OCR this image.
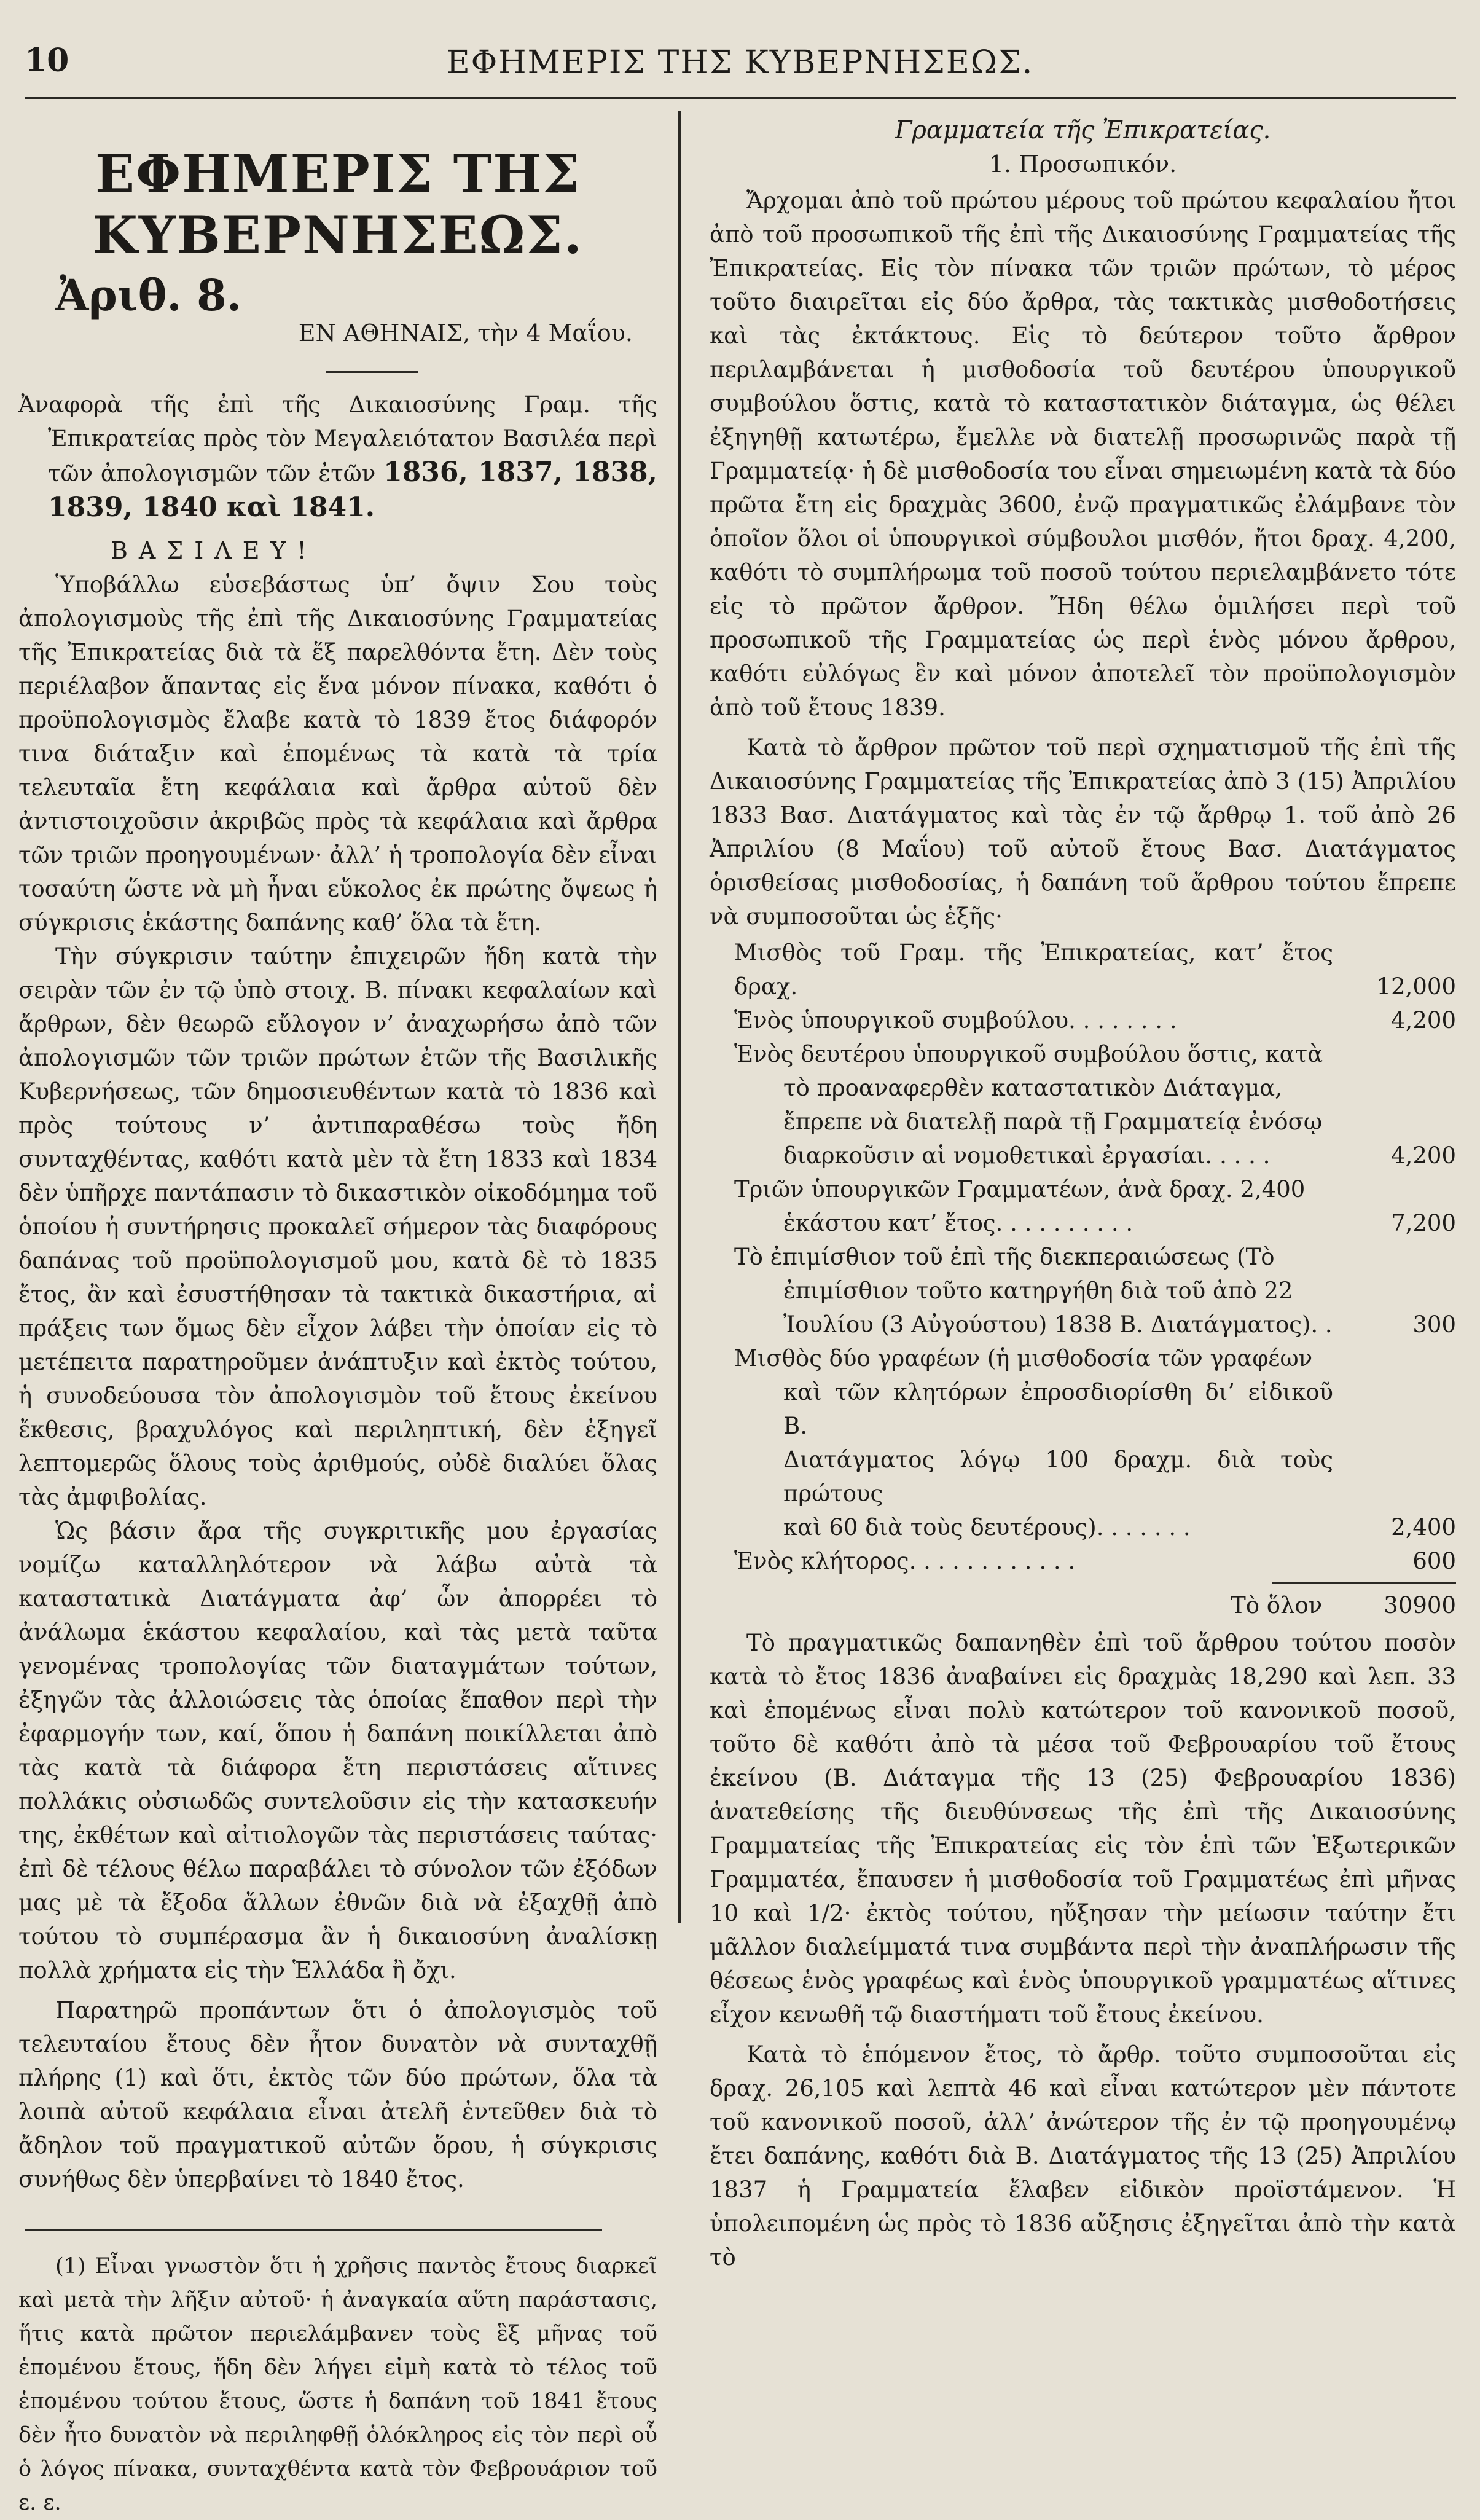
10	ΕΦΗΜΕΡΙΣ ΤΗΣ ΚΥΒΕΡΝΗΣΕΩΣ.
ΕΦΗΜΕΡΙΣ ΤΗΣ ΚΥΒΕΡΝΗΣΕΩΣ.
Ἀριθ. 8.
ΕΝ ΑΘΗΝΑΙΣ, τὴν 4 Μαΐου.
Ἀναφορὰ τῆς ἐπὶ τῆς Δικαιοσύνης Γραμ. τῆς Ἐπικρατείας πρὸς τὸν Μεγαλειότατον Βασιλέα περὶ τῶν ἀπολογισμῶν τῶν ἐτῶν 1836, 1837, 1838, 1839, 1840 καὶ 1841.
ΒΑΣΙΛΕΥ!

Ὑποβάλλω εὐσεβάστως ὑπ’ ὄψιν Σου τοὺς ἀπολογισμοὺς τῆς ἐπὶ τῆς Δικαιοσύνης Γραμματείας τῆς Ἐπικρατείας διὰ τὰ ἕξ παρελθόντα ἔτη. Δὲν τοὺς περιέλαβον ἅπαντας εἰς ἕνα μόνον πίνακα, καθότι ὁ προϋπολογισμὸς ἔλαβε κατὰ τὸ 1839 ἔτος διάφορόν τινα διάταξιν καὶ ἑπομένως τὰ κατὰ τὰ τρία τελευταῖα ἔτη κεφάλαια καὶ ἄρθρα αὐτοῦ δὲν ἀντιστοιχοῦσιν ἀκριβῶς πρὸς τὰ κεφάλαια καὶ ἄρθρα τῶν τριῶν προηγουμένων· ἀλλ’ ἡ τροπολογία δὲν εἶναι τοσαύτη ὥστε νὰ μὴ ἦναι εὔκολος ἐκ πρώτης ὄψεως ἡ σύγκρισις ἑκάστης δαπάνης καθ’ ὅλα τὰ ἔτη.

Τὴν σύγκρισιν ταύτην ἐπιχειρῶν ἤδη κατὰ τὴν σειρὰν τῶν ἐν τῷ ὑπὸ στοιχ. Β. πίνακι κεφαλαίων καὶ ἄρθρων, δὲν θεωρῶ εὔλογον ν’ ἀναχωρήσω ἀπὸ τῶν ἀπολογισμῶν τῶν τριῶν πρώτων ἐτῶν τῆς Βασιλικῆς Κυβερνήσεως, τῶν δημοσιευθέντων κατὰ τὸ 1836 καὶ πρὸς τούτους ν’ ἀντιπαραθέσω τοὺς ἤδη συνταχθέντας, καθότι κατὰ μὲν τὰ ἔτη 1833 καὶ 1834 δὲν ὑπῆρχε παντάπασιν τὸ δικαστικὸν οἰκοδόμημα τοῦ ὁποίου ἡ συντήρησις προκαλεῖ σήμερον τὰς διαφόρους δαπάνας τοῦ προϋπολογισμοῦ μου, κατὰ δὲ τὸ 1835 ἔτος, ἂν καὶ ἐσυστήθησαν τὰ τακτικὰ δικαστήρια, αἱ πράξεις των ὅμως δὲν εἶχον λάβει τὴν ὁποίαν εἰς τὸ μετέπειτα παρατηροῦμεν ἀνάπτυξιν καὶ ἐκτὸς τούτου, ἡ συνοδεύουσα τὸν ἀπολογισμὸν τοῦ ἔτους ἐκείνου ἔκθεσις, βραχυλόγος καὶ περιληπτική, δὲν ἐξηγεῖ λεπτομερῶς ὅλους τοὺς ἀριθμούς, οὐδὲ διαλύει ὅλας τὰς ἀμφιβολίας.

Ὡς βάσιν ἄρα τῆς συγκριτικῆς μου ἐργασίας νομίζω καταλληλότερον νὰ λάβω αὐτὰ τὰ καταστατικὰ Διατάγματα ἀφ’ ὧν ἀπορρέει τὸ ἀνάλωμα ἑκάστου κεφαλαίου, καὶ τὰς μετὰ ταῦτα γενομένας τροπολογίας τῶν διαταγμάτων τούτων, ἐξηγῶν τὰς ἀλλοιώσεις τὰς ὁποίας ἔπαθον περὶ τὴν ἐφαρμογήν των, καί, ὅπου ἡ δαπάνη ποικίλλεται ἀπὸ τὰς κατὰ τὰ διάφορα ἔτη περιστάσεις αἵτινες πολλάκις οὐσιωδῶς συντελοῦσιν εἰς τὴν κατασκευήν της, ἐκθέτων καὶ αἰτιολογῶν τὰς περιστάσεις ταύτας· ἐπὶ δὲ τέλους θέλω παραβάλει τὸ σύνολον τῶν ἐξόδων μας μὲ τὰ ἔξοδα ἄλλων ἐθνῶν διὰ νὰ ἐξαχθῇ ἀπὸ τούτου τὸ συμπέρασμα ἂν ἡ δικαιοσύνη ἀναλίσκῃ πολλὰ χρήματα εἰς τὴν Ἑλλάδα ἢ ὄχι.

Παρατηρῶ προπάντων ὅτι ὁ ἀπολογισμὸς τοῦ τελευταίου ἔτους δὲν ἦτον δυνατὸν νὰ συνταχθῇ πλήρης (1) καὶ ὅτι, ἐκτὸς τῶν δύο πρώτων, ὅλα τὰ λοιπὰ αὐτοῦ κεφάλαια εἶναι ἀτελῆ ἐντεῦθεν διὰ τὸ ἄδηλον τοῦ πραγματικοῦ αὐτῶν ὅρου, ἡ σύγκρισις συνήθως δὲν ὑπερβαίνει τὸ 1840 ἔτος.

(1) Εἶναι γνωστὸν ὅτι ἡ χρῆσις παντὸς ἔτους διαρκεῖ καὶ μετὰ τὴν λῆξιν αὐτοῦ· ἡ ἀναγκαία αὕτη παράστασις, ἥτις κατὰ πρῶτον περιελάμβανεν τοὺς ἓξ μῆνας τοῦ ἑπομένου ἔτους, ἤδη δὲν λήγει εἰμὴ κατὰ τὸ τέλος τοῦ ἑπομένου τούτου ἔτους, ὥστε ἡ δαπάνη τοῦ 1841 ἔτους δὲν ἦτο δυνατὸν νὰ περιληφθῇ ὁλόκληρος εἰς τὸν περὶ οὗ ὁ λόγος πίνακα, συνταχθέντα κατὰ τὸν Φεβρουάριον τοῦ ε. ε.

Γραμματεία τῆς Ἐπικρατείας.
1. Προσωπικόν.

Ἄρχομαι ἀπὸ τοῦ πρώτου μέρους τοῦ πρώτου κεφαλαίου ἤτοι ἀπὸ τοῦ προσωπικοῦ τῆς ἐπὶ τῆς Δικαιοσύνης Γραμματείας τῆς Ἐπικρατείας. Εἰς τὸν πίνακα τῶν τριῶν πρώτων, τὸ μέρος τοῦτο διαιρεῖται εἰς δύο ἄρθρα, τὰς τακτικὰς μισθοδοτήσεις καὶ τὰς ἐκτάκτους. Εἰς τὸ δεύτερον τοῦτο ἄρθρον περιλαμβάνεται ἡ μισθοδοσία τοῦ δευτέρου ὑπουργικοῦ συμβούλου ὅστις, κατὰ τὸ καταστατικὸν διάταγμα, ὡς θέλει ἐξηγηθῇ κατωτέρω, ἔμελλε νὰ διατελῇ προσωρινῶς παρὰ τῇ Γραμματείᾳ· ἡ δὲ μισθοδοσία του εἶναι σημειωμένη κατὰ τὰ δύο πρῶτα ἔτη εἰς δραχμὰς 3600, ἐνῷ πραγματικῶς ἐλάμβανε τὸν ὁποῖον ὅλοι οἱ ὑπουργικοὶ σύμβουλοι μισθόν, ἤτοι δραχ. 4,200, καθότι τὸ συμπλήρωμα τοῦ ποσοῦ τούτου περιελαμβάνετο τότε εἰς τὸ πρῶτον ἄρθρον. Ἤδη θέλω ὁμιλήσει περὶ τοῦ προσωπικοῦ τῆς Γραμματείας ὡς περὶ ἑνὸς μόνου ἄρθρου, καθότι εὐλόγως ἓν καὶ μόνον ἀποτελεῖ τὸν προϋπολογισμὸν ἀπὸ τοῦ ἔτους 1839.

Κατὰ τὸ ἄρθρον πρῶτον τοῦ περὶ σχηματισμοῦ τῆς ἐπὶ τῆς Δικαιοσύνης Γραμματείας τῆς Ἐπικρατείας ἀπὸ 3 (15) Ἀπριλίου 1833 Βασ. Διατάγματος καὶ τὰς ἐν τῷ ἄρθρῳ 1. τοῦ ἀπὸ 26 Ἀπριλίου (8 Μαΐου) τοῦ αὐτοῦ ἔτους Βασ. Διατάγματος ὁρισθείσας μισθοδοσίας, ἡ δαπάνη τοῦ ἄρθρου τούτου ἔπρεπε νὰ συμποσοῦται ὡς ἑξῆς·

Μισθὸς τοῦ Γραμ. τῆς Ἐπικρατείας, κατ’ ἔτος δραχ.	12,000
Ἑνὸς ὑπουργικοῦ συμβούλου. . . . . . . .	4,200
Ἑνὸς δευτέρου ὑπουργικοῦ συμβούλου ὅστις, κατὰ
τὸ προαναφερθὲν καταστατικὸν Διάταγμα,
ἔπρεπε νὰ διατελῇ παρὰ τῇ Γραμματείᾳ ἐνόσῳ
διαρκοῦσιν αἱ νομοθετικαὶ ἐργασίαι. . . . .	4,200
Τριῶν ὑπουργικῶν Γραμματέων, ἀνὰ δραχ. 2,400
ἑκάστου κατ’ ἔτος. . . . . . . . . .	7,200
Τὸ ἐπιμίσθιον τοῦ ἐπὶ τῆς διεκπεραιώσεως (Τὸ
ἐπιμίσθιον τοῦτο κατηργήθη διὰ τοῦ ἀπὸ 22
Ἰουλίου (3 Αὐγούστου) 1838 Β. Διατάγματος). .	300
Μισθὸς δύο γραφέων (ἡ μισθοδοσία τῶν γραφέων
καὶ τῶν κλητόρων ἐπροσδιορίσθη δι’ εἰδικοῦ Β.
Διατάγματος λόγῳ 100 δραχμ. διὰ τοὺς πρώτους
καὶ 60 διὰ τοὺς δευτέρους). . . . . . .	2,400
Ἑνὸς κλήτορος. . . . . . . . . . . .	600
Τὸ ὅλον	30900

Τὸ πραγματικῶς δαπανηθὲν ἐπὶ τοῦ ἄρθρου τούτου ποσὸν κατὰ τὸ ἔτος 1836 ἀναβαίνει εἰς δραχμὰς 18,290 καὶ λεπ. 33 καὶ ἑπομένως εἶναι πολὺ κατώτερον τοῦ κανονικοῦ ποσοῦ, τοῦτο δὲ καθότι ἀπὸ τὰ μέσα τοῦ Φεβρουαρίου τοῦ ἔτους ἐκείνου (Β. Διάταγμα τῆς 13 (25) Φεβρουαρίου 1836) ἀνατεθείσης τῆς διευθύνσεως τῆς ἐπὶ τῆς Δικαιοσύνης Γραμματείας τῆς Ἐπικρατείας εἰς τὸν ἐπὶ τῶν Ἐξωτερικῶν Γραμματέα, ἔπαυσεν ἡ μισθοδοσία τοῦ Γραμματέως ἐπὶ μῆνας 10 καὶ 1/2· ἐκτὸς τούτου, ηὔξησαν τὴν μείωσιν ταύτην ἔτι μᾶλλον διαλείμματά τινα συμβάντα περὶ τὴν ἀναπλήρωσιν τῆς θέσεως ἑνὸς γραφέως καὶ ἑνὸς ὑπουργικοῦ γραμματέως αἵτινες εἶχον κενωθῆ τῷ διαστήματι τοῦ ἔτους ἐκείνου.

Κατὰ τὸ ἑπόμενον ἔτος, τὸ ἄρθρ. τοῦτο συμποσοῦται εἰς δραχ. 26,105 καὶ λεπτὰ 46 καὶ εἶναι κατώτερον μὲν πάντοτε τοῦ κανονικοῦ ποσοῦ, ἀλλ’ ἀνώτερον τῆς ἐν τῷ προηγουμένῳ ἔτει δαπάνης, καθότι διὰ Β. Διατάγματος τῆς 13 (25) Ἀπριλίου 1837 ἡ Γραμματεία ἔλαβεν εἰδικὸν προϊστάμενον. Ἡ ὑπολειπομένη ὡς πρὸς τὸ 1836 αὔξησις ἐξηγεῖται ἀπὸ τὴν κατὰ τὸ
